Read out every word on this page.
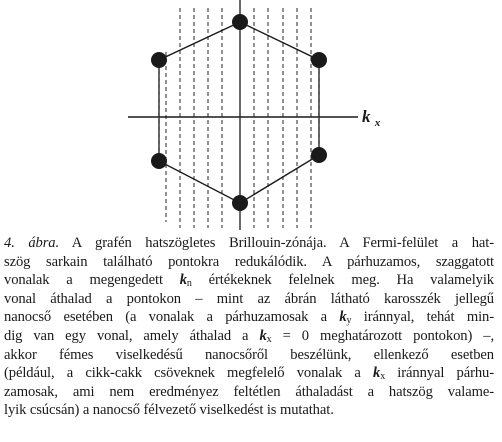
k $_x$

4. ábra. A grafén hatszögletes Brillouin-zónája. A Fermi-felület a hat-
szög sarkain található pontokra redukálódik. A párhuzamos, szaggatott
vonalak a megengedett $k_n$ értékeknek felelnek meg. Ha valamelyik
vonal áthalad a pontokon – mint az ábrán látható karosszék jellegű
nanocső esetében (a vonalak a párhuzamosak a $k_y$ iránnyal, tehát min-
dig van egy vonal, amely áthalad a $k_x = 0$ meghatározott pontokon) –,
akkor fémes viselkedésű nanocsőről beszélünk, ellenkező esetben
(például, a cikk-cakk csöveknek megfelelő vonalak a $k_x$ iránnyal párhu-
zamosak, ami nem eredményez feltétlen áthaladást a hatszög valame-
lyik csúcsán) a nanocső félvezető viselkedést is mutathat.
